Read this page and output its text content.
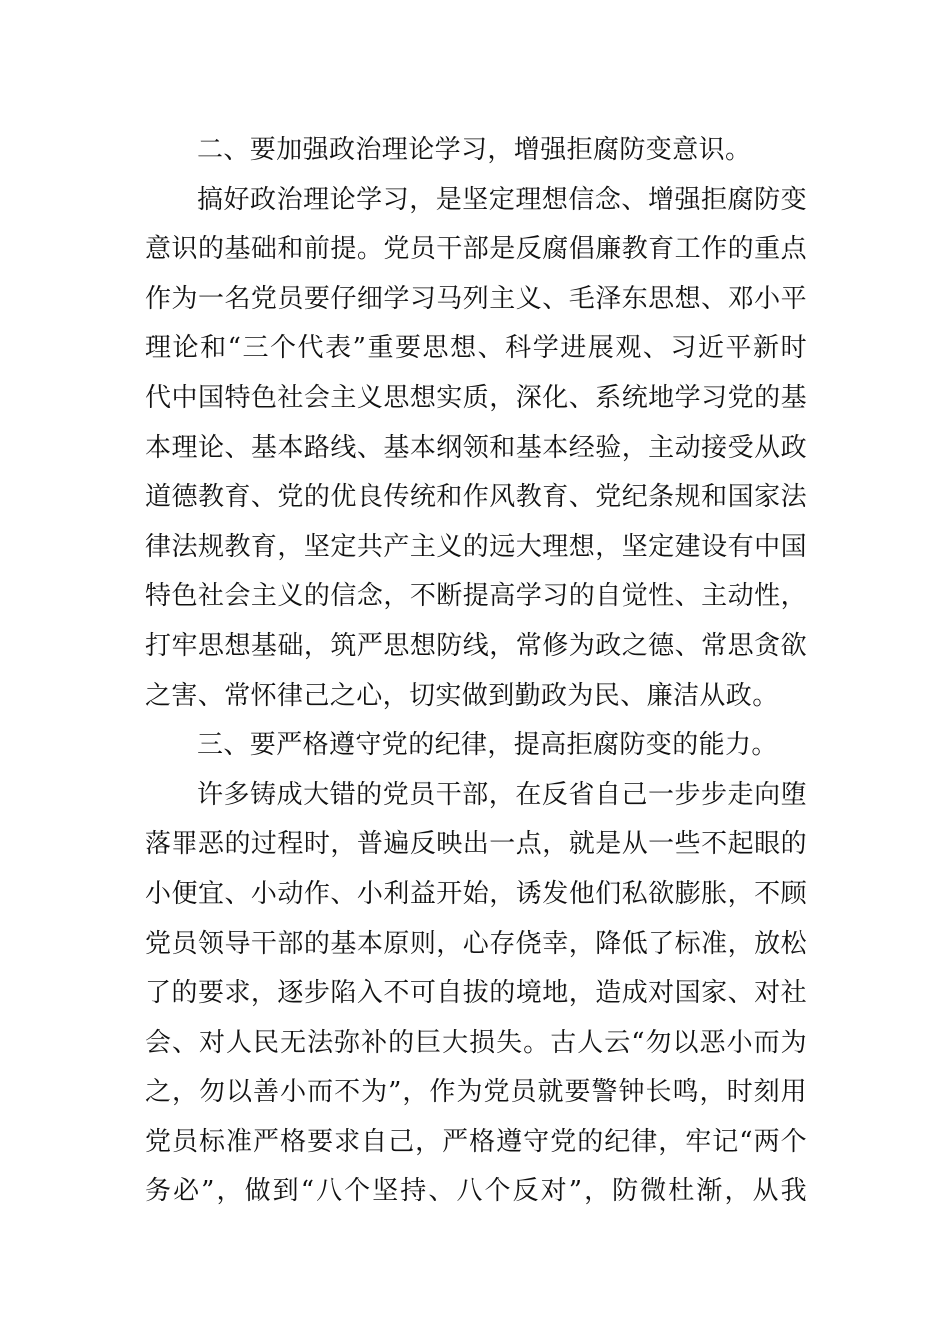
二、要加强政治理论学习，增强拒腐防变意识。
搞好政治理论学习，是坚定理想信念、增强拒腐防变
意识的基础和前提。党员干部是反腐倡廉教育工作的重点
作为一名党员要仔细学习马列主义、毛泽东思想、邓小平
理论和“三个代表”重要思想、科学进展观、习近平新时
代中国特色社会主义思想实质，深化、系统地学习党的基
本理论、基本路线、基本纲领和基本经验，主动接受从政
道德教育、党的优良传统和作风教育、党纪条规和国家法
律法规教育，坚定共产主义的远大理想，坚定建设有中国
特色社会主义的信念，不断提高学习的自觉性、主动性，
打牢思想基础，筑严思想防线，常修为政之德、常思贪欲
之害、常怀律己之心，切实做到勤政为民、廉洁从政。
三、要严格遵守党的纪律，提高拒腐防变的能力。
许多铸成大错的党员干部，在反省自己一步步走向堕
落罪恶的过程时，普遍反映出一点，就是从一些不起眼的
小便宜、小动作、小利益开始，诱发他们私欲膨胀，不顾
党员领导干部的基本原则，心存侥幸，降低了标准，放松
了的要求，逐步陷入不可自拔的境地，造成对国家、对社
会、对人民无法弥补的巨大损失。古人云“勿以恶小而为
之，勿以善小而不为”，作为党员就要警钟长鸣，时刻用
党员标准严格要求自己，严格遵守党的纪律，牢记“两个
务必”，做到“八个坚持、八个反对”，防微杜渐，从我
